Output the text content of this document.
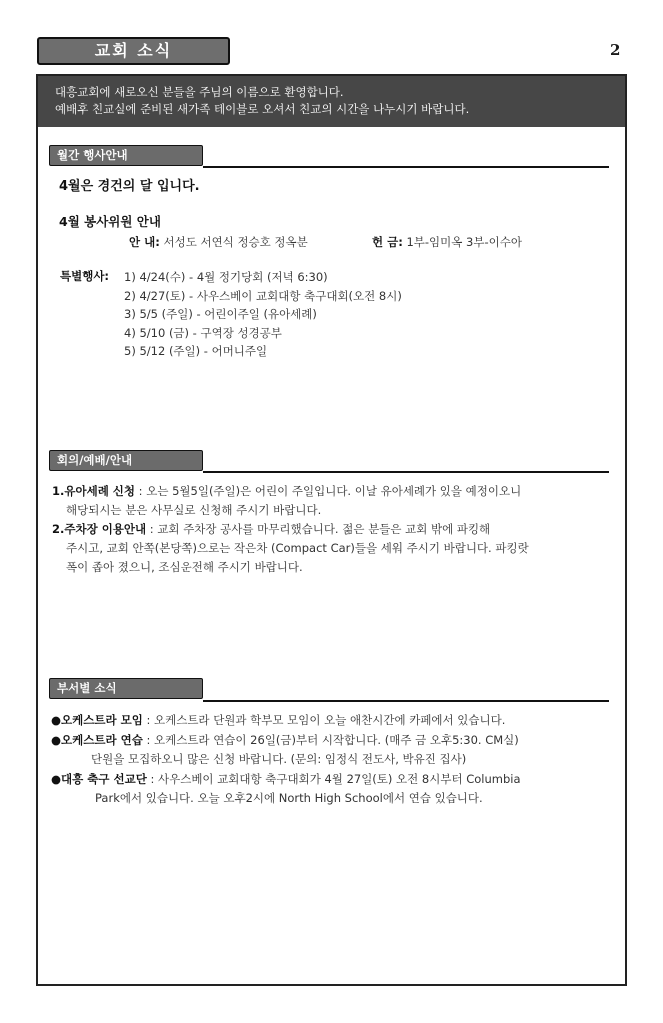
교회 소식	2
대흥교회에 새로오신 분들을 주님의 이름으로 환영합니다.
예배후 친교실에 준비된 새가족 테이블로 오셔서 친교의 시간을 나누시기 바랍니다.
월간 행사안내
4월은 경건의 달 입니다.
4월 봉사위원 안내
안 내: 서성도 서연식 정승호 정옥분	헌 금: 1부-임미옥 3부-이수아
특별행사: 1) 4/24(수) - 4월 정기당회 (저녁 6:30)
2) 4/27(토) - 사우스베이 교회대항 축구대회(오전 8시)
3) 5/5 (주일) - 어린이주일 (유아세례)
4) 5/10 (금) - 구역장 성경공부
5) 5/12 (주일) - 어머니주일
회의/예배/안내
1.유아세례 신청 : 오는 5월5일(주일)은 어린이 주일입니다. 이날 유아세례가 있을 예정이오니
해당되시는 분은 사무실로 신청해 주시기 바랍니다.
2.주차장 이용안내 : 교회 주차장 공사를 마무리했습니다. 젊은 분들은 교회 밖에 파킹해
주시고, 교회 안쪽(본당쪽)으로는 작은차 (Compact Car)들을 세워 주시기 바랍니다. 파킹랏
폭이 좁아 졌으니, 조심운전해 주시기 바랍니다.
부서별 소식
●오케스트라 모임 : 오케스트라 단원과 학부모 모임이 오늘 애찬시간에 카페에서 있습니다.
●오케스트라 연습 : 오케스트라 연습이 26일(금)부터 시작합니다. (매주 금 오후5:30. CM실)
단원을 모집하오니 많은 신청 바랍니다. (문의: 임정식 전도사, 박유진 집사)
●대흥 축구 선교단 : 사우스베이 교회대항 축구대회가 4월 27일(토) 오전 8시부터 Columbia
Park에서 있습니다. 오늘 오후2시에 North High School에서 연습 있습니다.
